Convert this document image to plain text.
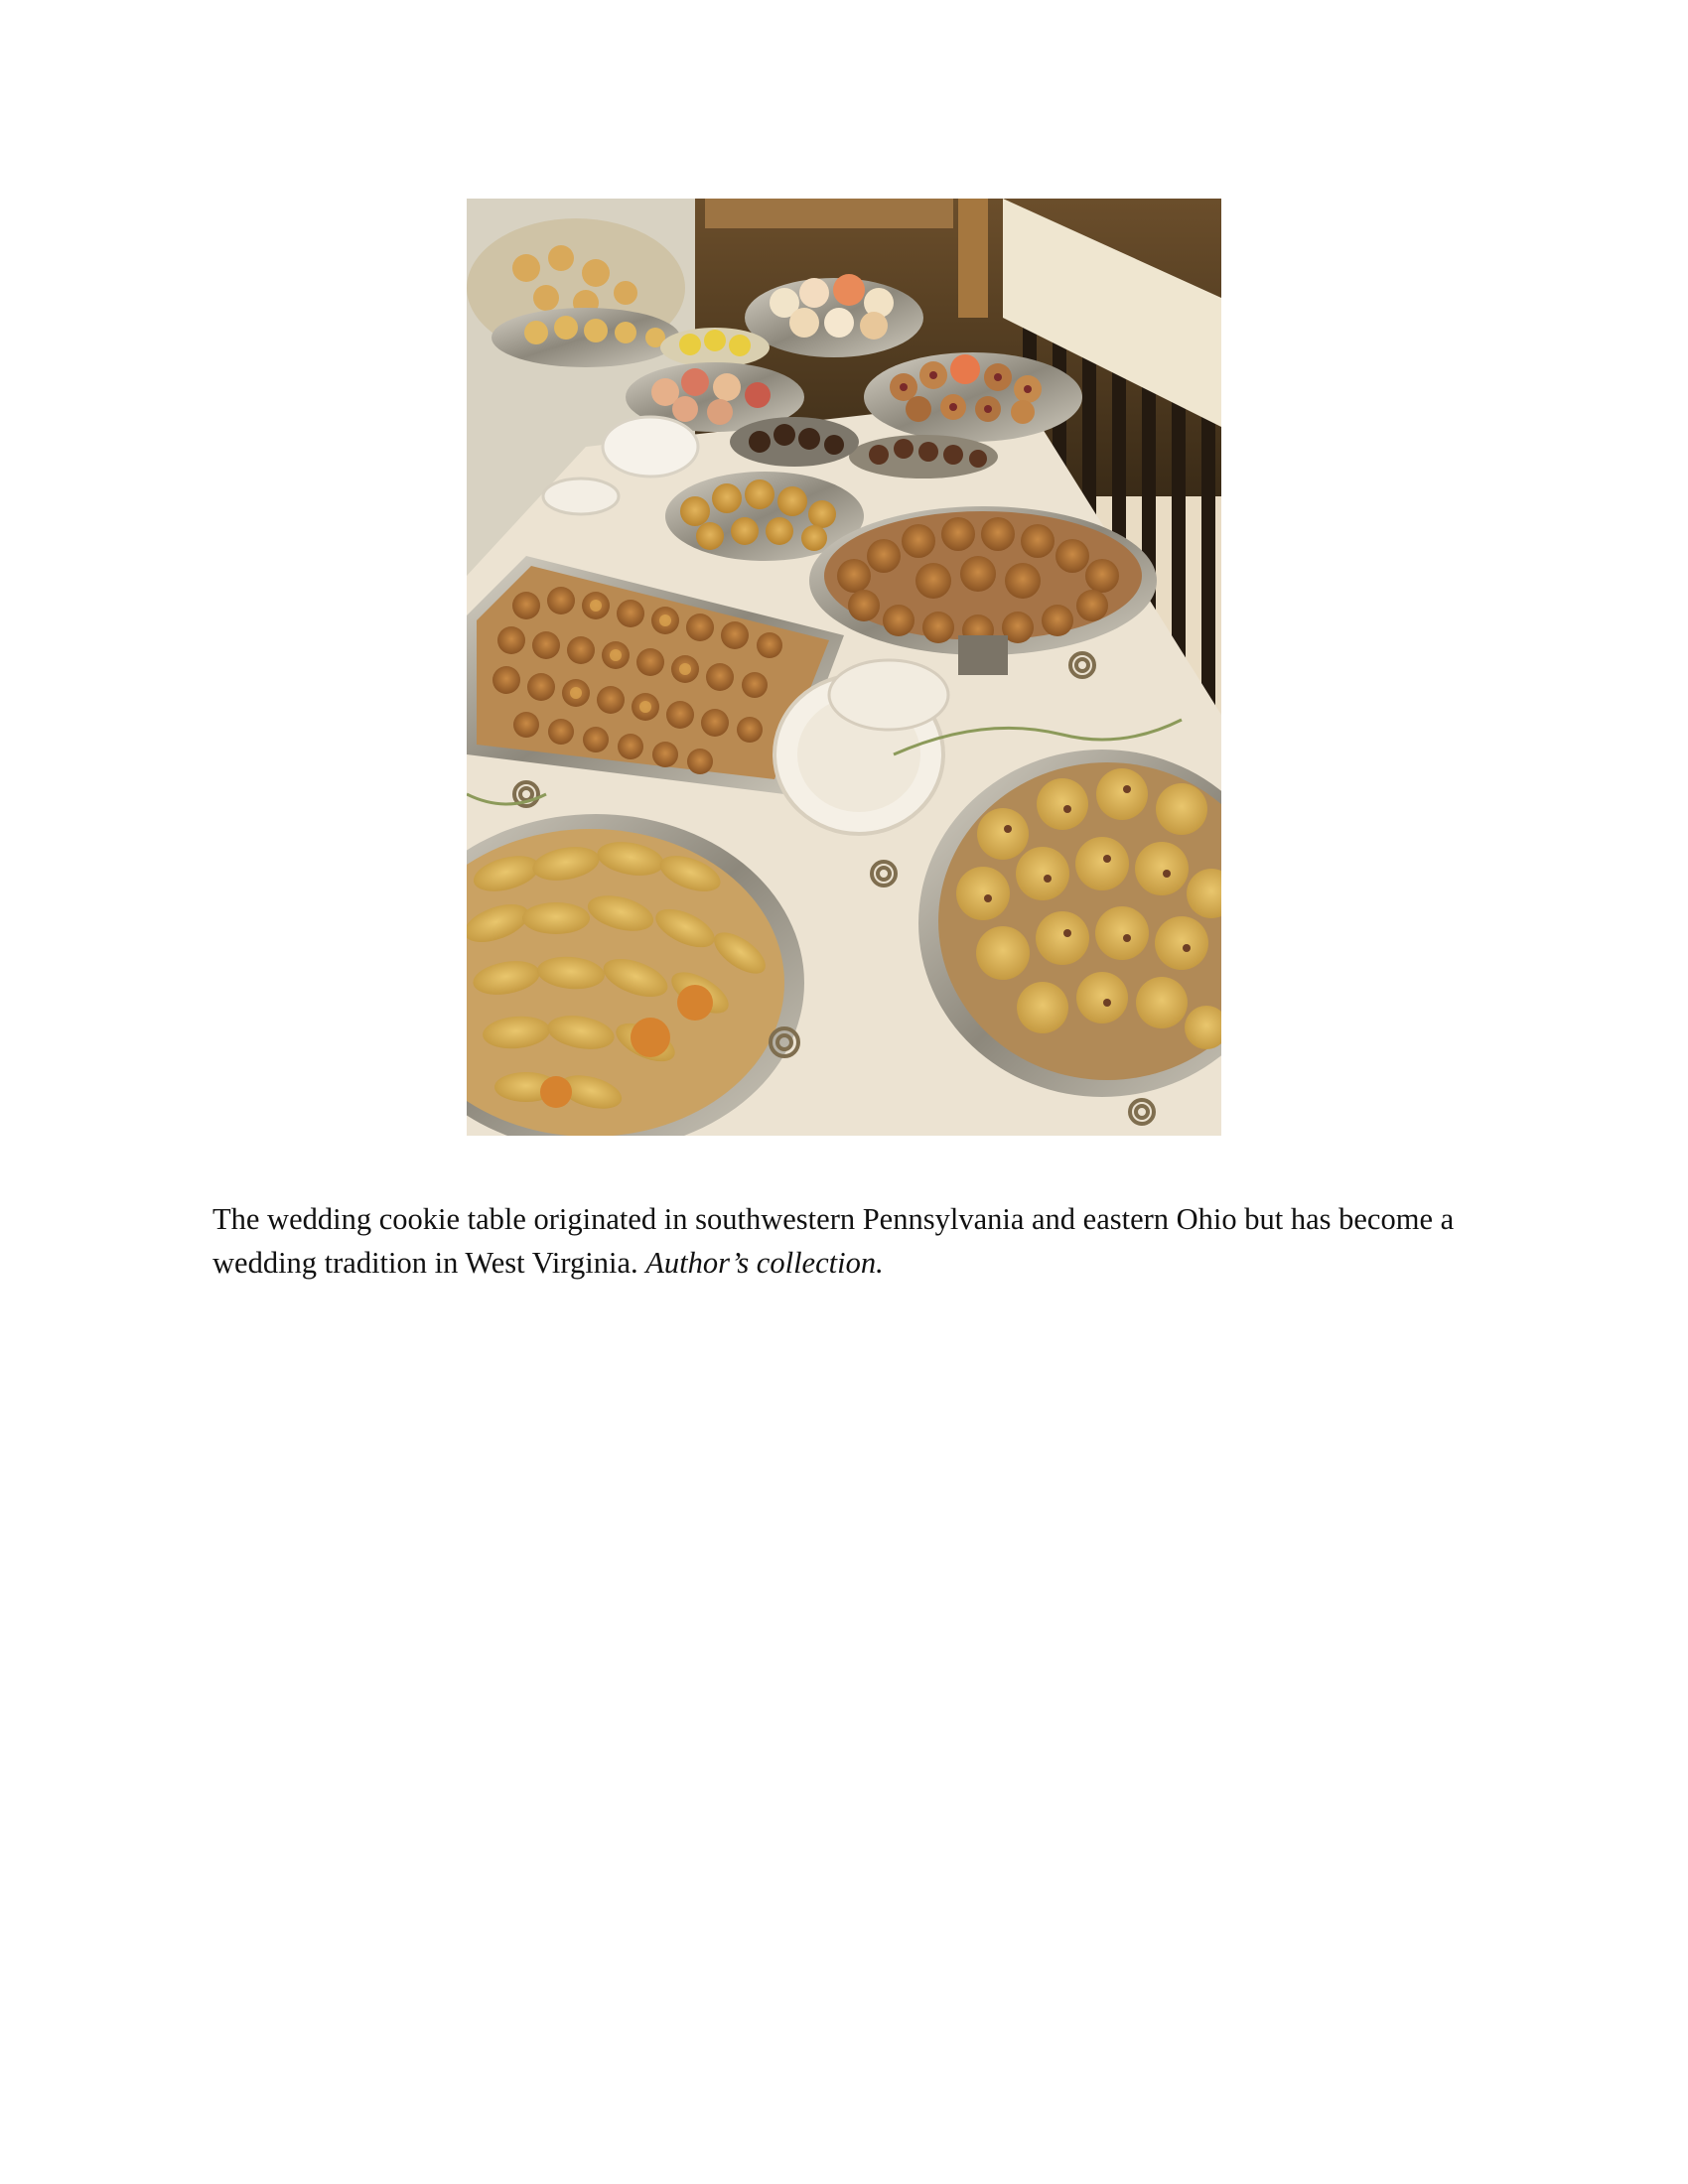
The wedding cookie table originated in southwestern Pennsylvania and eastern Ohio but has become a wedding tradition in West Virginia. Author’s collection.
